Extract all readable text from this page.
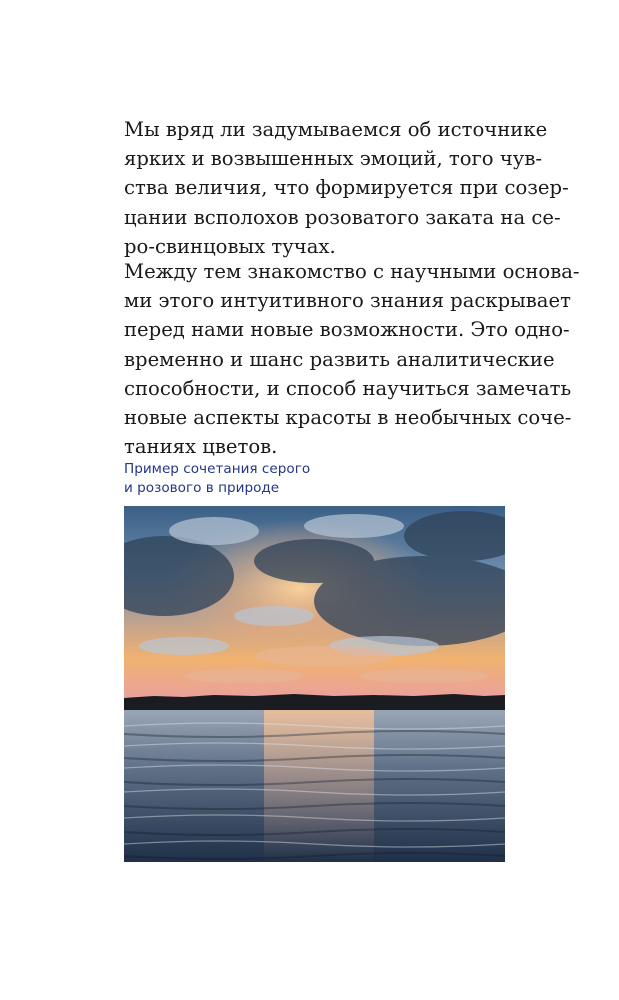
Мы вряд ли задумываемся об источнике
ярких и возвышенных эмоций, того чув-
ства величия, что формируется при созер-
цании всполохов розоватого заката на се-
ро-свинцовых тучах.
Между тем знакомство с научными основа-
ми этого интуитивного знания раскрывает
перед нами новые возможности. Это одно-
временно и шанс развить аналитические
способности, и способ научиться замечать
новые аспекты красоты в необычных соче-
таниях цветов.
Пример сочетания серого
и розового в природе
